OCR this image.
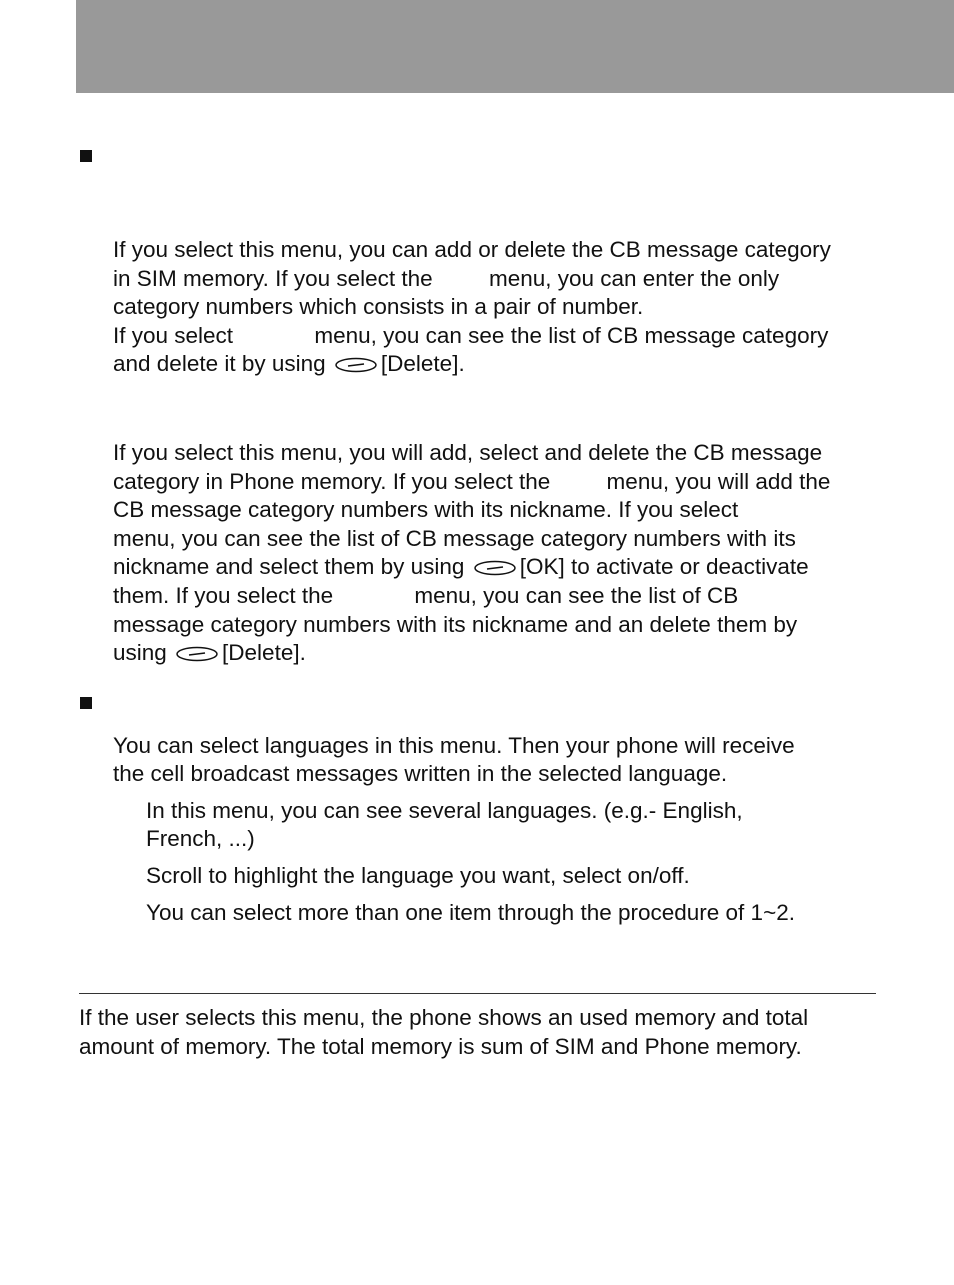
If you select this menu, you can add or delete the CB message category
in SIM memory. If you select the         menu, you can enter the only
category numbers which consists in a pair of number.
If you select             menu, you can see the list of CB message category
and delete it by using
[Delete].
If you select this menu, you will add, select and delete the CB message
category in Phone memory. If you select the         menu, you will add the
CB message category numbers with its nickname. If you select
menu, you can see the list of CB message category numbers with its
nickname and select them by using
[OK] to activate or deactivate
them. If you select the             menu, you can see the list of CB
message category numbers with its nickname and an delete them by
using
[Delete].
You can select languages in this menu. Then your phone will receive
the cell broadcast messages written in the selected language.
In this menu, you can see several languages. (e.g.- English,
French, ...)
Scroll to highlight the language you want, select on/off.
You can select more than one item through the procedure of 1~2.
If the user selects this menu, the phone shows an used memory and total
amount of memory. The total memory is sum of SIM and Phone memory.
